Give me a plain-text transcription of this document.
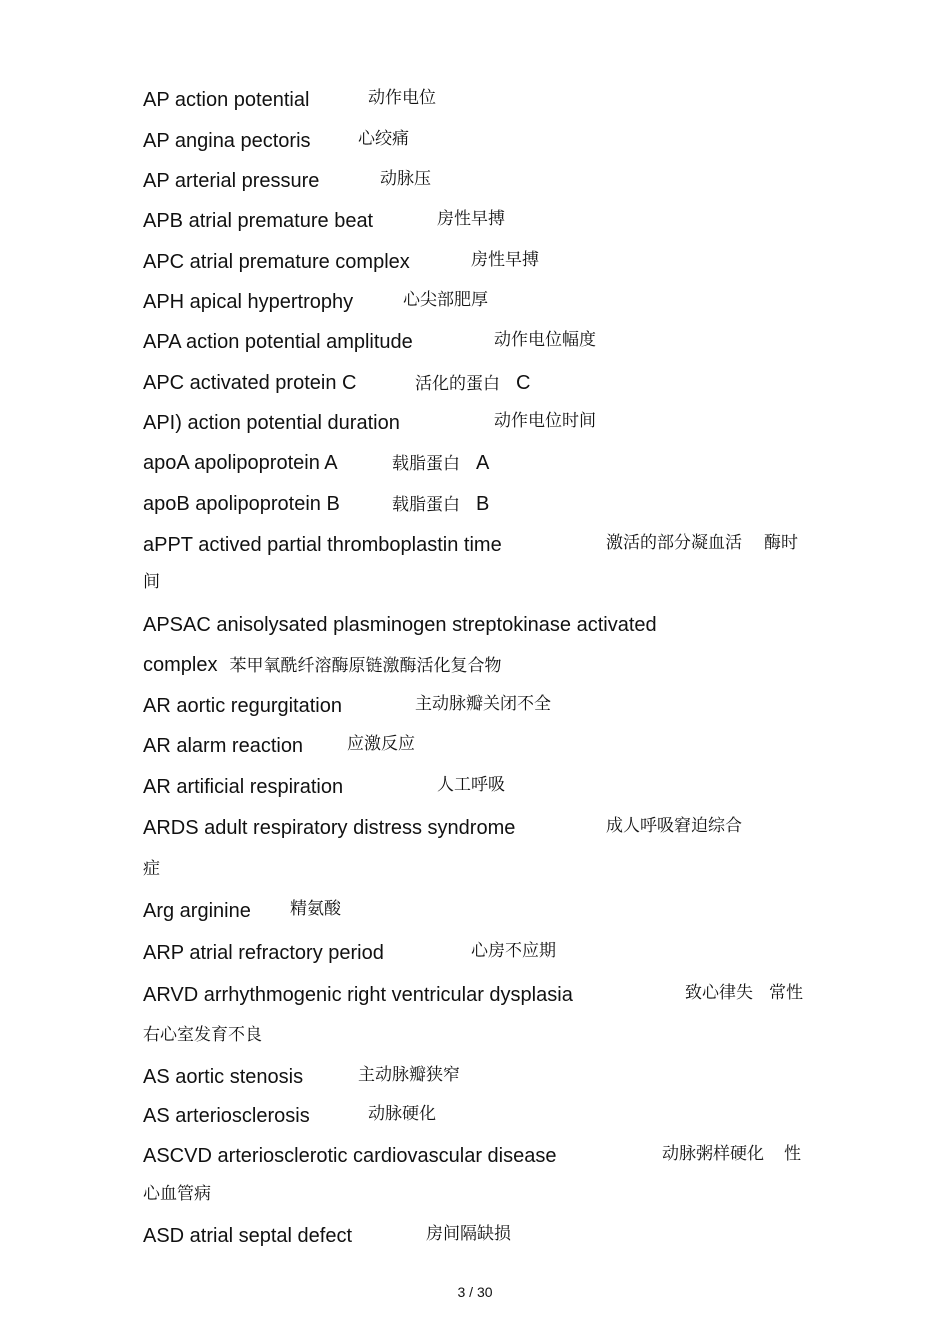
AP action potential	动作电位
AP angina pectoris	心绞痛
AP arterial pressure	动脉压
APB atrial premature beat	房性早搏
APC atrial premature complex	房性早搏
APH apical hypertrophy	心尖部肥厚
APA action potential amplitude	动作电位幅度
APC activated protein C	活化的蛋白 C
API) action potential duration	动作电位时间
apoA apolipoprotein A	载脂蛋白 A
apoB apolipoprotein B	载脂蛋白 B
aPPT actived partial thromboplastin time	激活的部分凝血活 酶时
间
APSAC anisolysated plasminogen streptokinase activated
complex 苯甲氧酰纤溶酶原链激酶活化复合物
AR aortic regurgitation	主动脉瓣关闭不全
AR alarm reaction	应激反应
AR artificial respiration	人工呼吸
ARDS adult respiratory distress syndrome	成人呼吸窘迫综合
症
Arg arginine 精氨酸
ARP atrial refractory period	心房不应期
ARVD arrhythmogenic right ventricular dysplasia	致心律失 常性
右心室发育不良
AS aortic stenosis	主动脉瓣狭窄
AS arteriosclerosis	动脉硬化
ASCVD arteriosclerotic cardiovascular disease	动脉粥样硬化 性
心血管病
ASD atrial septal defect	房间隔缺损
3 / 30
